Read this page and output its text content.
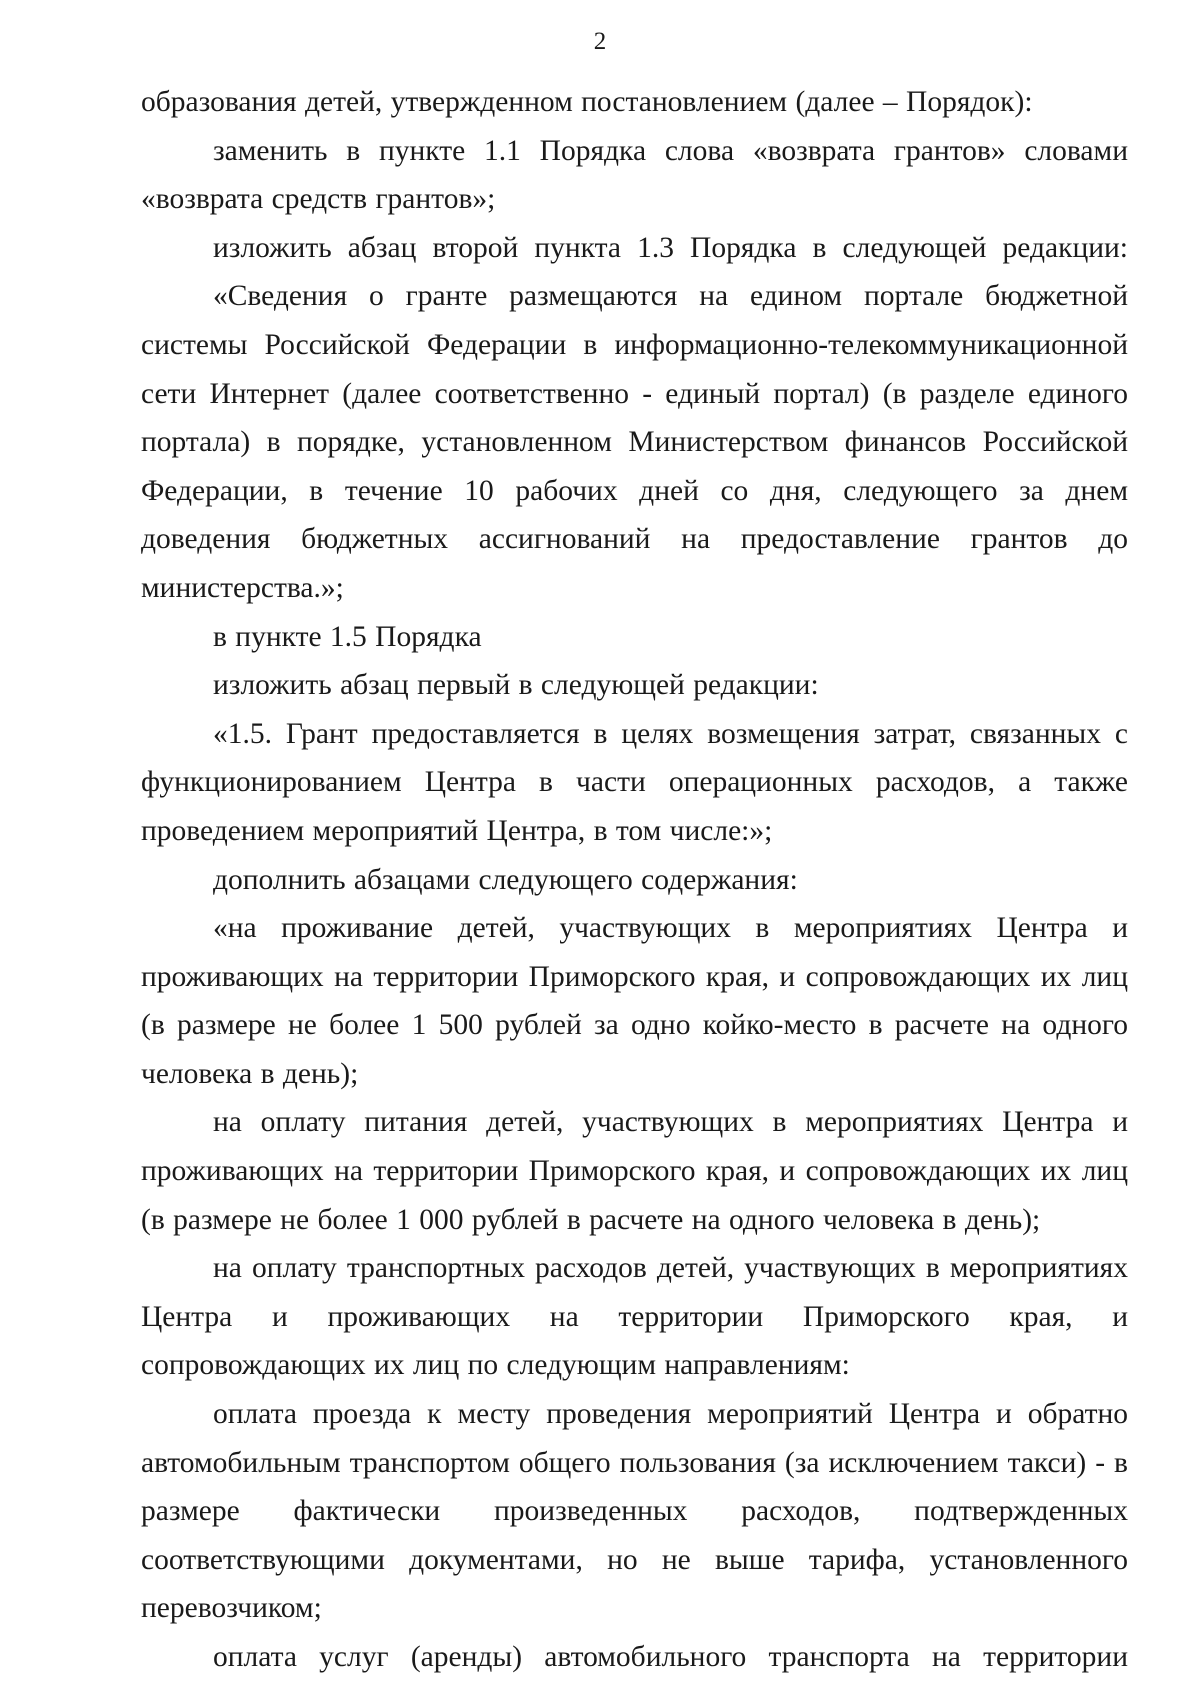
2

образования детей, утвержденном постановлением (далее – Порядок):

заменить в пункте 1.1 Порядка слова «возврата грантов» словами «возврата средств грантов»;

изложить абзац второй пункта 1.3 Порядка в следующей редакции:

«Сведения о гранте размещаются на едином портале бюджетной системы Российской Федерации в информационно-телекоммуникационной сети Интернет (далее соответственно - единый портал) (в разделе единого портала) в порядке, установленном Министерством финансов Российской Федерации, в течение 10 рабочих дней со дня, следующего за днем доведения бюджетных ассигнований на предоставление грантов до министерства.»;

в пункте 1.5 Порядка

изложить абзац первый в следующей редакции:

«1.5. Грант предоставляется в целях возмещения затрат, связанных с функционированием Центра в части операционных расходов, а также проведением мероприятий Центра, в том числе:»;

дополнить абзацами следующего содержания:

«на проживание детей, участвующих в мероприятиях Центра и проживающих на территории Приморского края, и сопровождающих их лиц (в размере не более 1 500 рублей за одно койко-место в расчете на одного человека в день);

на оплату питания детей, участвующих в мероприятиях Центра и проживающих на территории Приморского края, и сопровождающих их лиц (в размере не более 1 000 рублей в расчете на одного человека в день);

на оплату транспортных расходов детей, участвующих в мероприятиях Центра и проживающих на территории Приморского края, и сопровождающих их лиц по следующим направлениям:

оплата проезда к месту проведения мероприятий Центра и обратно автомобильным транспортом общего пользования (за исключением такси) - в размере фактически произведенных расходов, подтвержденных соответствующими документами, но не выше тарифа, установленного перевозчиком;

оплата услуг (аренды) автомобильного транспорта на территории
